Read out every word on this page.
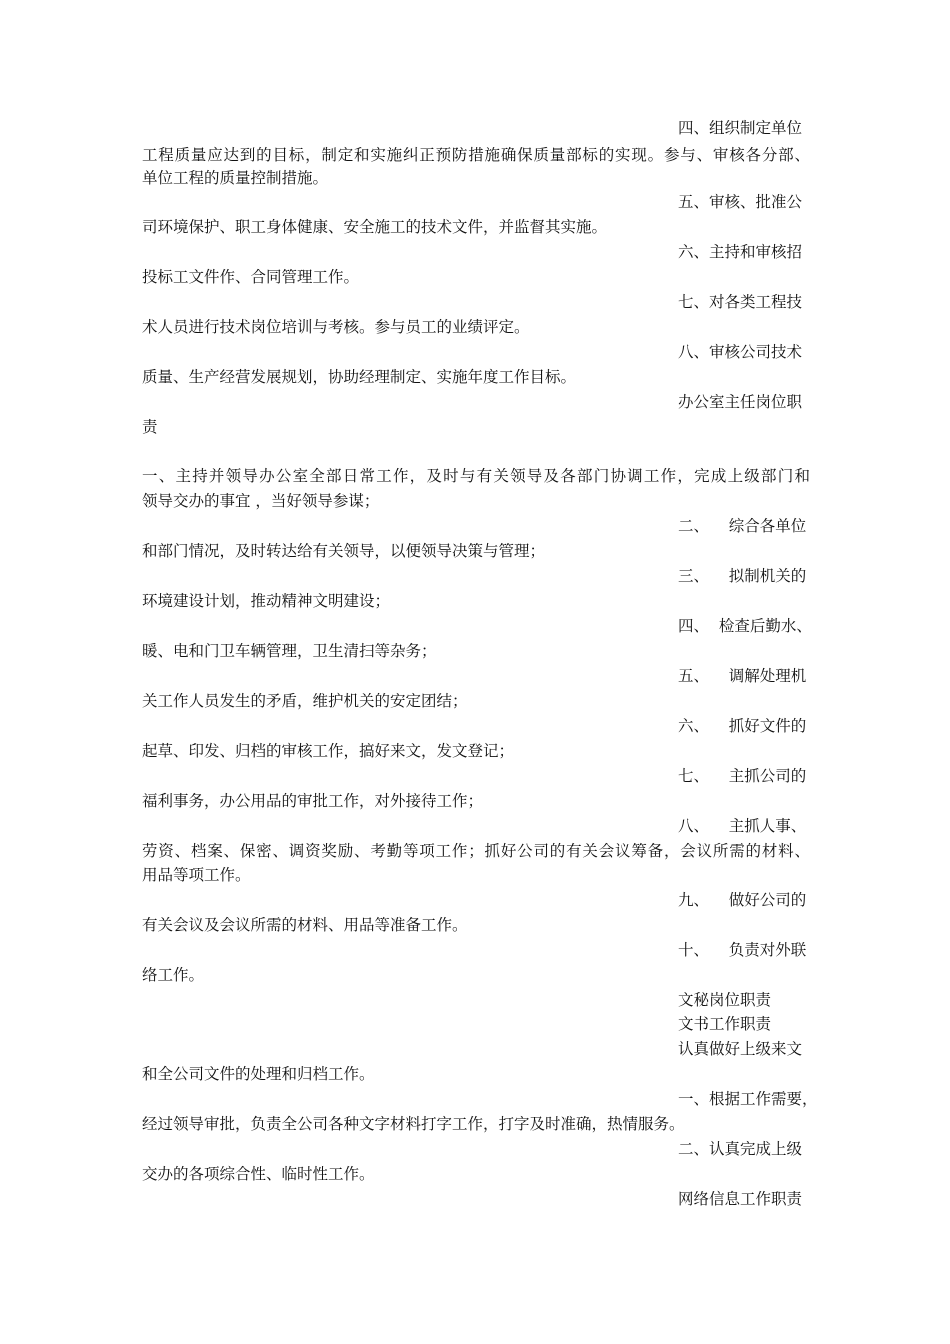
四、组织制定单位
工程质量应达到的目标，制定和实施纠正预防措施确保质量部标的实现。参与、审核各分部、
单位工程的质量控制措施。
五、审核、批准公
司环境保护、职工身体健康、安全施工的技术文件，并监督其实施。
六、主持和审核招
投标工文件作、合同管理工作。
七、对各类工程技
术人员进行技术岗位培训与考核。参与员工的业绩评定。
八、审核公司技术
质量、生产经营发展规划，协助经理制定、实施年度工作目标。
办公室主任岗位职
责
一、主持并领导办公室全部日常工作，及时与有关领导及各部门协调工作，完成上级部门和
领导交办的事宜 ，当好领导参谋；
二、    综合各单位
和部门情况，及时转达给有关领导，以便领导决策与管理；
三、    拟制机关的
环境建设计划，推动精神文明建设；
四、  检查后勤水、
暖、电和门卫车辆管理，卫生清扫等杂务；
五、    调解处理机
关工作人员发生的矛盾，维护机关的安定团结；
六、    抓好文件的
起草、印发、归档的审核工作，搞好来文，发文登记；
七、    主抓公司的
福利事务，办公用品的审批工作，对外接待工作；
八、    主抓人事、
劳资、档案、保密、调资奖励、考勤等项工作；抓好公司的有关会议筹备，会议所需的材料、
用品等项工作。
九、    做好公司的
有关会议及会议所需的材料、用品等准备工作。
十、    负责对外联
络工作。
文秘岗位职责
文书工作职责
认真做好上级来文
和全公司文件的处理和归档工作。
一、根据工作需要，
经过领导审批，负责全公司各种文字材料打字工作，打字及时准确，热情服务。
二、认真完成上级
交办的各项综合性、临时性工作。
网络信息工作职责
